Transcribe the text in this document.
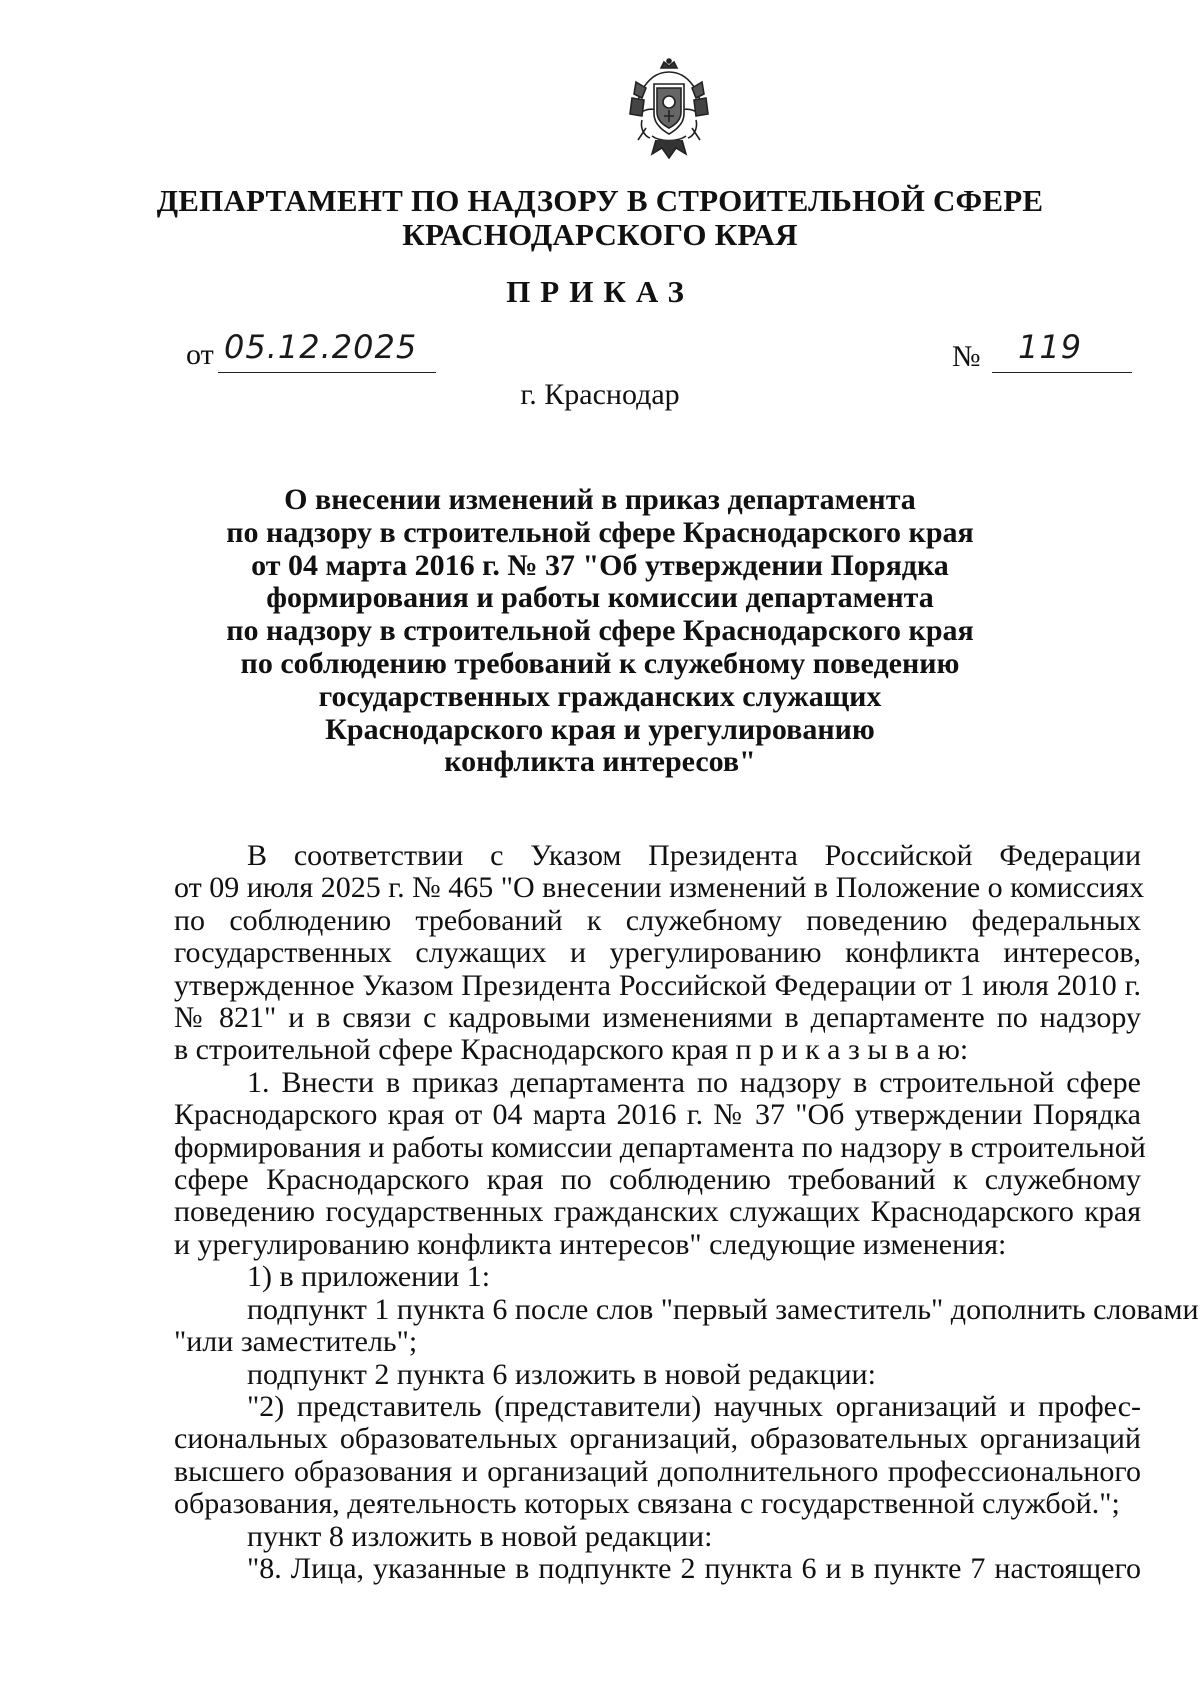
ДЕПАРТАМЕНТ ПО НАДЗОРУ В СТРОИТЕЛЬНОЙ СФЕРЕ
КРАСНОДАРСКОГО КРАЯ
ПРИКАЗ
от 05.12.2025	№ 119
г. Краснодар
О внесении изменений в приказ департамента
по надзору в строительной сфере Краснодарского края
от 04 марта 2016 г. № 37 "Об утверждении Порядка
формирования и работы комиссии департамента
по надзору в строительной сфере Краснодарского края
по соблюдению требований к служебному поведению
государственных гражданских служащих
Краснодарского края и урегулированию
конфликта интересов"
В соответствии с Указом Президента Российской Федерации
от 09 июля 2025 г. № 465 "О внесении изменений в Положение о комиссиях
по соблюдению требований к служебному поведению федеральных
государственных служащих и урегулированию конфликта интересов,
утвержденное Указом Президента Российской Федерации от 1 июля 2010 г.
№ 821" и в связи с кадровыми изменениями в департаменте по надзору
в строительной сфере Краснодарского края п р и к а з ы в а ю:
1. Внести в приказ департамента по надзору в строительной сфере
Краснодарского края от 04 марта 2016 г. № 37 "Об утверждении Порядка
формирования и работы комиссии департамента по надзору в строительной
сфере Краснодарского края по соблюдению требований к служебному
поведению государственных гражданских служащих Краснодарского края
и урегулированию конфликта интересов" следующие изменения:
1) в приложении 1:
подпункт 1 пункта 6 после слов "первый заместитель" дополнить словами
"или заместитель";
подпункт 2 пункта 6 изложить в новой редакции:
"2) представитель (представители) научных организаций и профес-
сиональных образовательных организаций, образовательных организаций
высшего образования и организаций дополнительного профессионального
образования, деятельность которых связана с государственной службой.";
пункт 8 изложить в новой редакции:
"8. Лица, указанные в подпункте 2 пункта 6 и в пункте 7 настоящего
